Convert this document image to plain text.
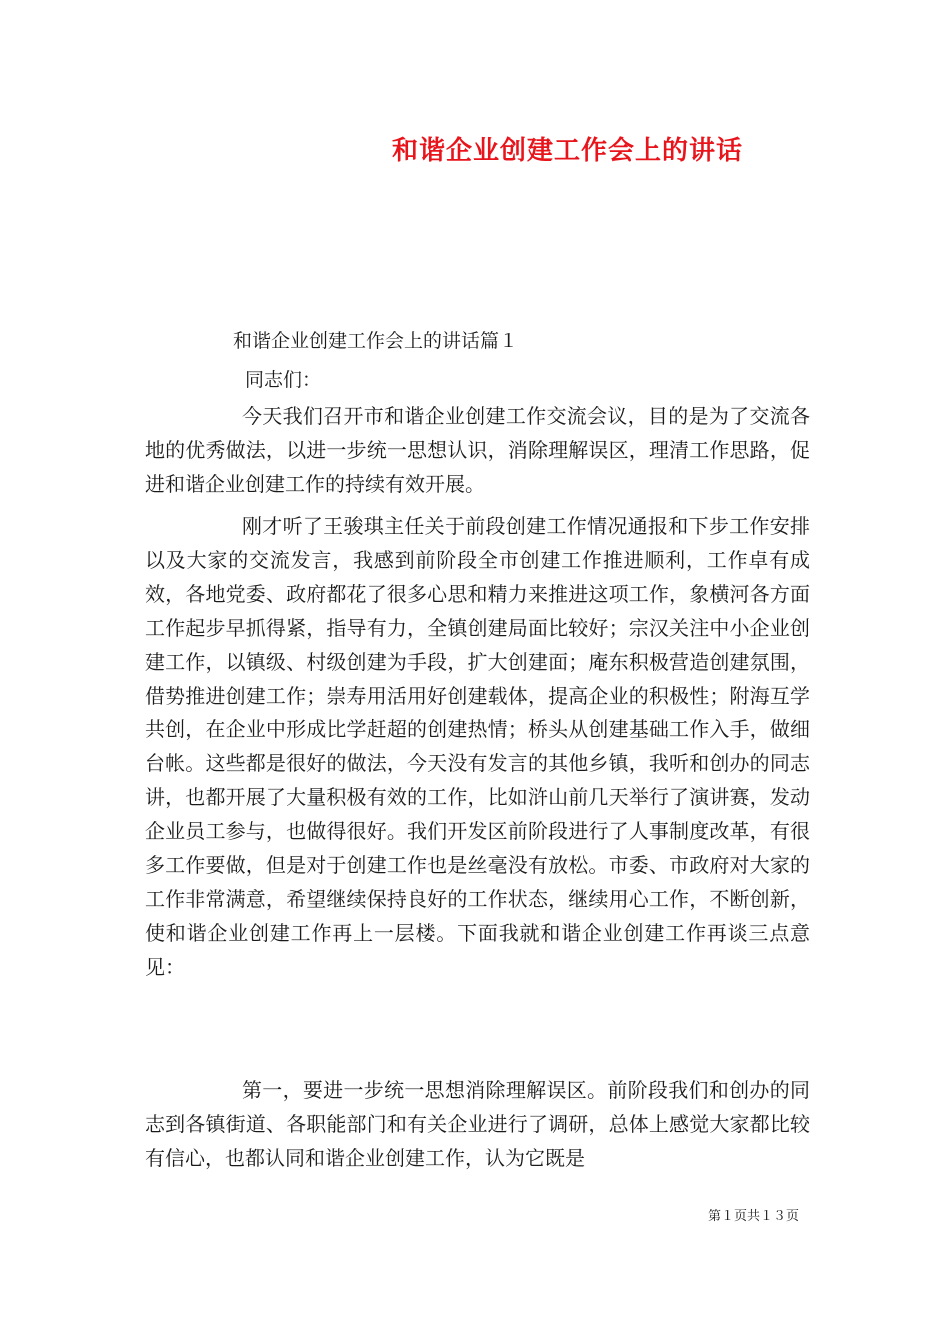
和谐企业创建工作会上的讲话
和谐企业创建工作会上的讲话篇１
同志们：

今天我们召开市和谐企业创建工作交流会议，目的是为了交流各地的优秀做法，以进一步统一思想认识，消除理解误区，理清工作思路，促进和谐企业创建工作的持续有效开展。

刚才听了王骏琪主任关于前段创建工作情况通报和下步工作安排以及大家的交流发言，我感到前阶段全市创建工作推进顺利，工作卓有成效，各地党委、政府都花了很多心思和精力来推进这项工作，象横河各方面工作起步早抓得紧，指导有力，全镇创建局面比较好；宗汉关注中小企业创建工作，以镇级、村级创建为手段，扩大创建面；庵东积极营造创建氛围，借势推进创建工作；崇寿用活用好创建载体，提高企业的积极性；附海互学共创，在企业中形成比学赶超的创建热情；桥头从创建基础工作入手，做细台帐。这些都是很好的做法，今天没有发言的其他乡镇，我听和创办的同志讲，也都开展了大量积极有效的工作，比如浒山前几天举行了演讲赛，发动企业员工参与，也做得很好。我们开发区前阶段进行了人事制度改革，有很多工作要做，但是对于创建工作也是丝毫没有放松。市委、市政府对大家的工作非常满意，希望继续保持良好的工作状态，继续用心工作，不断创新，使和谐企业创建工作再上一层楼。下面我就和谐企业创建工作再谈三点意见：

第一，要进一步统一思想消除理解误区。前阶段我们和创办的同志到各镇街道、各职能部门和有关企业进行了调研，总体上感觉大家都比较有信心，也都认同和谐企业创建工作，认为它既是

第１页共１３页
